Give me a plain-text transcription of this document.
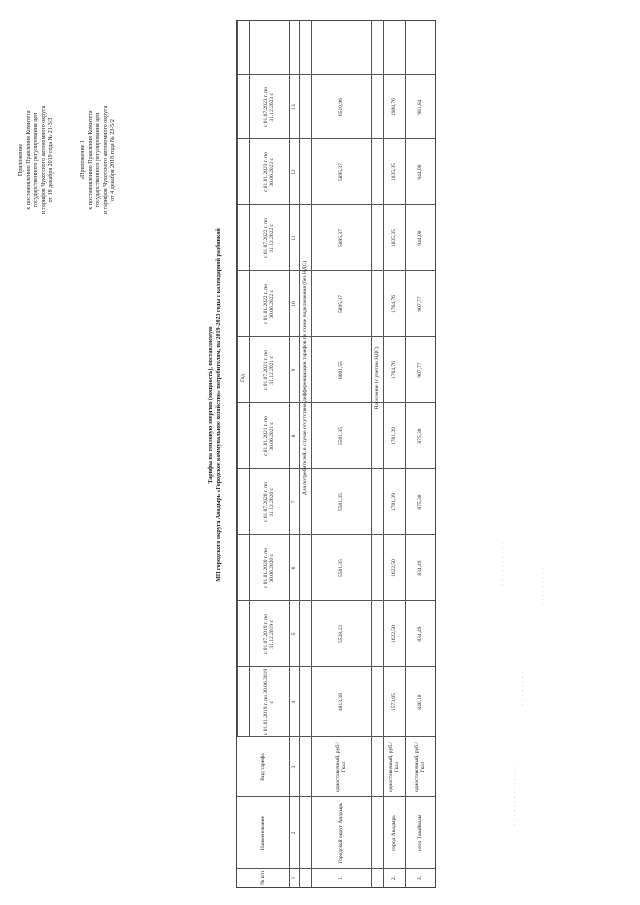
Приложение к постановлению Правления Комитета государственного регулирования цен и тарифов Чукотского автономного округа от 18 декабря 2019 года № 21-3/3	«Приложение 1 к постановлению Правления Комитета государственного регулирования цен и тарифов Чукотского автономного округа от 4 декабря 2018 года № 23-5/2
Тарифы на тепловую энергию (мощность), поставляемую МП городского округа Анадырь «Городское коммунальное хозяйство» потребителям, на 2019-2023 годы с календарной разбивкой	. . . . . . . . . .
. . . . . . . . .
. . . . . . . .
. . . . . . . . . . . . . .
№ п/п
Наименование
Вид тарифа
Год
с 01.01.2019 г. по 30.06.2019 г.
с 01.07.2019 г. по 31.12.2019 г.
с 01.01.2020 г. по 30.06.2020 г.
с 01.07.2020 г. по 31.12.2020 г.
с 01.01.2021 г. по 30.06.2021 г.
с 01.07.2021 г. по 31.12.2021 г.
с 01.01.2022 г. по 30.06.2022 г.
с 01.07.2022 г. по 31.12.2022 г.
с 01.01.2023 г. по 30.06.2023 г.
с 01.07.2023 г. по 31.12.2023 г.
1
2
3
4
5
6
7
8
9
10
11
12
13
Для потребителей, в случае отсутствия дифференциации тарифов по схеме подключения (без НДС)
1.
Городской округ Анадырь
одноставочный, руб./Гкал
4813,38
5528,23
5501,35
5501,35
5501,35
6001,55
5895,37
5895,37
5895,37
6510,96
Население (с учетом НДС)
2.
город Анадырь
одноставочный, руб./Гкал
1573,05
1622,50
1622,50
1701,39
1701,39
1764,76
1764,76
1835,35
1835,35
1908,76
3.
село Тавайваам
одноставочный, руб./Гкал
840,18
834,49
834,49
875,38
875,38
907,77
907,77
944,08
944,08
981,84
